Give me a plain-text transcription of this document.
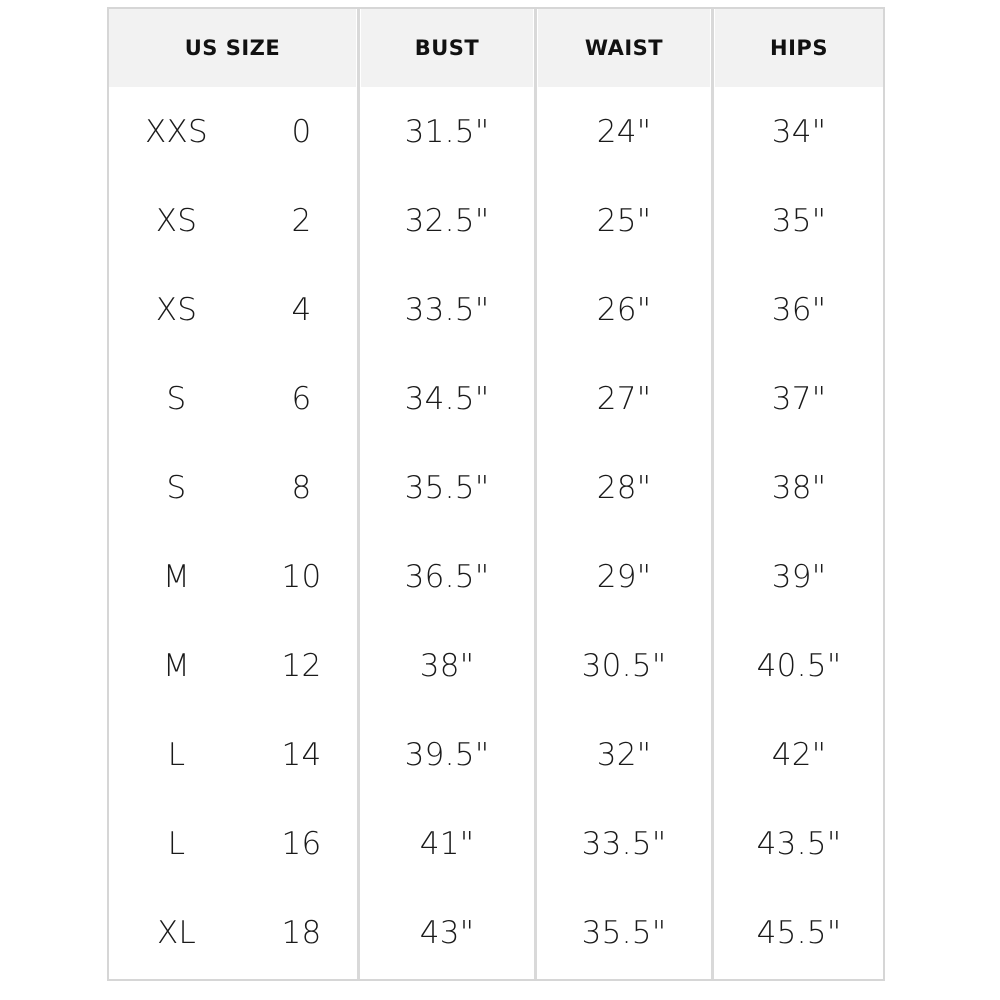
US SIZE	BUST	WAIST	HIPS
XXS	0	31.5"	24"	34"
XS	2	32.5"	25"	35"
XS	4	33.5"	26"	36"
S	6	34.5"	27"	37"
S	8	35.5"	28"	38"
M	10	36.5"	29"	39"
M	12	38"	30.5"	40.5"
L	14	39.5"	32"	42"
L	16	41"	33.5"	43.5"
XL	18	43"	35.5"	45.5"
